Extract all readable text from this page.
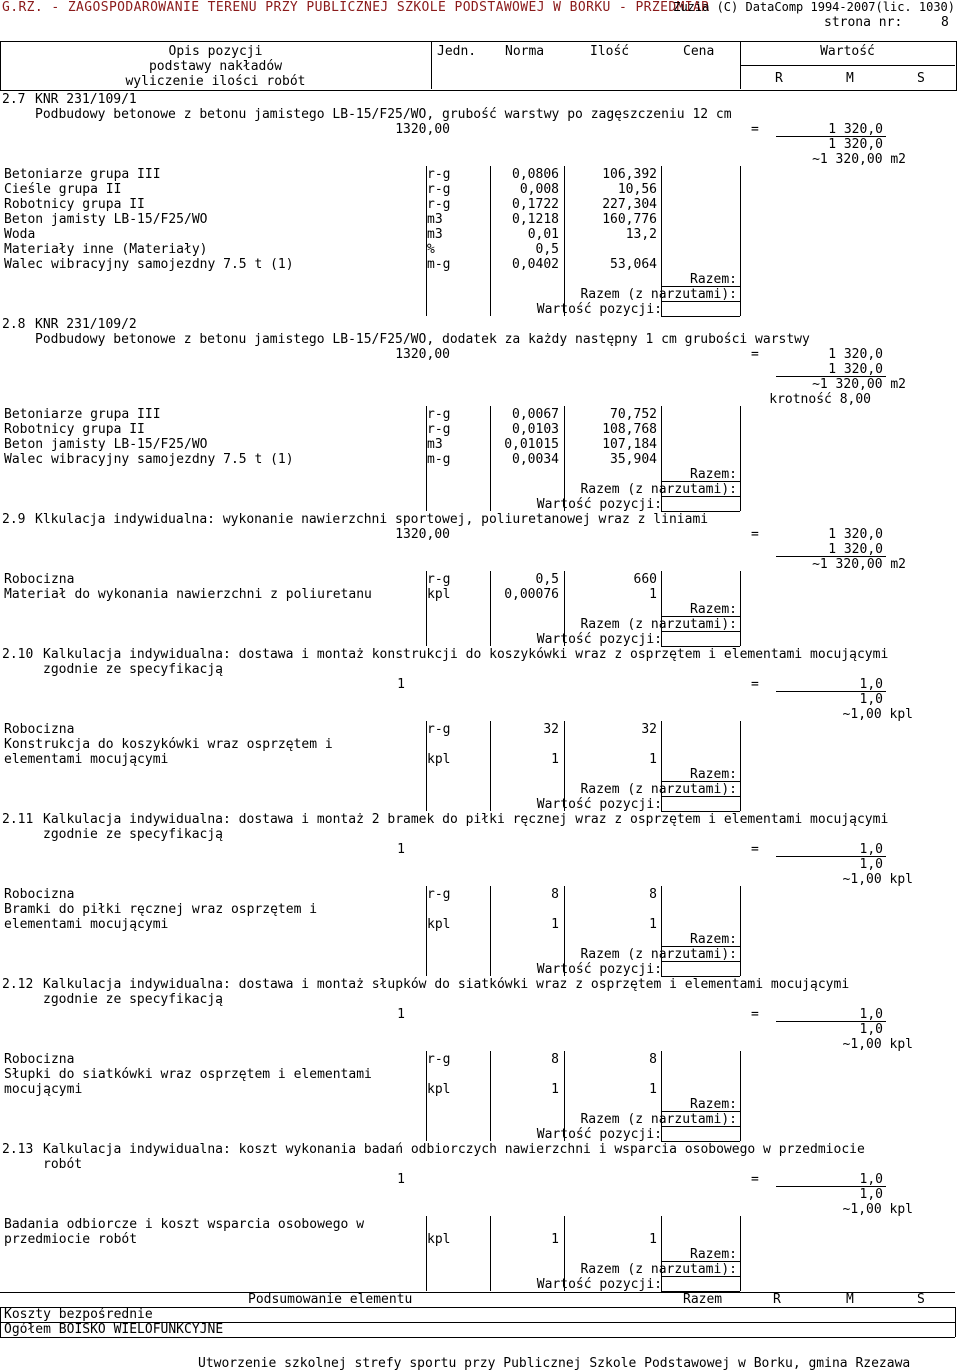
G.RZ. - ZAGOSPODAROWANIE TERENU PRZY PUBLICZNEJ SZKOLE PODSTAWOWEJ W BORKU - PRZEDMIAR
Zuzia (C) DataComp 1994-2007(lic. 1030)
strona nr:	8
Opis pozycji
podstawy nakładów
wyliczenie ilości robót
Jedn. Norma	Ilość	Cena	Wartość
R	M	S
2.7 KNR 231/109/1
Podbudowy betonowe z betonu jamistego LB-15/F25/WO, grubość warstwy po zagęszczeniu 12 cm
1320,00	=	1 320,0
1 320,0
~1 320,00 m2
Betoniarze grupa III	r-g	0,0806	106,392
Cieśle grupa II	r-g	0,008	10,56
Robotnicy grupa II	r-g	0,1722	227,304
Beton jamisty LB-15/F25/WO	m3	0,1218	160,776
Woda	m3	0,01	13,2
Materiały inne (Materiały)	%	0,5
Walec wibracyjny samojezdny 7.5 t (1)	m-g	0,0402	53,064
Razem:
Razem (z narzutami):
Wartość pozycji:
2.8 KNR 231/109/2
Podbudowy betonowe z betonu jamistego LB-15/F25/WO, dodatek za każdy następny 1 cm grubości warstwy
1320,00	=	1 320,0
1 320,0
~1 320,00 m2
krotność 8,00
Betoniarze grupa III	r-g	0,0067	70,752
Robotnicy grupa II	r-g	0,0103	108,768
Beton jamisty LB-15/F25/WO	m3	0,01015	107,184
Walec wibracyjny samojezdny 7.5 t (1)	m-g	0,0034	35,904
Razem:
Razem (z narzutami):
Wartość pozycji:
2.9 Klkulacja indywidualna: wykonanie nawierzchni sportowej, poliuretanowej wraz z liniami
1320,00	=	1 320,0
1 320,0
~1 320,00 m2
Robocizna	r-g	0,5	660
Materiał do wykonania nawierzchni z poliuretanu	kpl	0,00076	1
Razem:
Razem (z narzutami):
Wartość pozycji:
2.10 Kalkulacja indywidualna: dostawa i montaż konstrukcji do koszykówki wraz z osprzętem i elementami mocującymi
zgodnie ze specyfikacją
1	=	1,0
1,0
~1,00 kpl
Robocizna	r-g	32	32
Konstrukcja do koszykówki wraz osprzętem i
elementami mocującymi	kpl	1	1
Razem:
Razem (z narzutami):
Wartość pozycji:
2.11 Kalkulacja indywidualna: dostawa i montaż 2 bramek do piłki ręcznej wraz z osprzętem i elementami mocującymi
zgodnie ze specyfikacją
1	=	1,0
1,0
~1,00 kpl
Robocizna	r-g	8	8
Bramki do piłki ręcznej wraz osprzętem i
elementami mocującymi	kpl	1	1
Razem:
Razem (z narzutami):
Wartość pozycji:
2.12 Kalkulacja indywidualna: dostawa i montaż słupków do siatkówki wraz z osprzętem i elementami mocującymi
zgodnie ze specyfikacją
1	=	1,0
1,0
~1,00 kpl
Robocizna	r-g	8	8
Słupki do siatkówki wraz osprzętem i elementami
mocującymi	kpl	1	1
Razem:
Razem (z narzutami):
Wartość pozycji:
2.13 Kalkulacja indywidualna: koszt wykonania badań odbiorczych nawierzchni i wsparcia osobowego w przedmiocie
robót
1	=	1,0
1,0
~1,00 kpl
Badania odbiorcze i koszt wsparcia osobowego w
przedmiocie robót	kpl	1	1
Razem:
Razem (z narzutami):
Wartość pozycji:
Podsumowanie elementu	Razem	R	M	S
Koszty bezpośrednie
Ogółem BOISKO WIELOFUNKCYJNE
Utworzenie szkolnej strefy sportu przy Publicznej Szkole Podstawowej w Borku, gmina Rzezawa
